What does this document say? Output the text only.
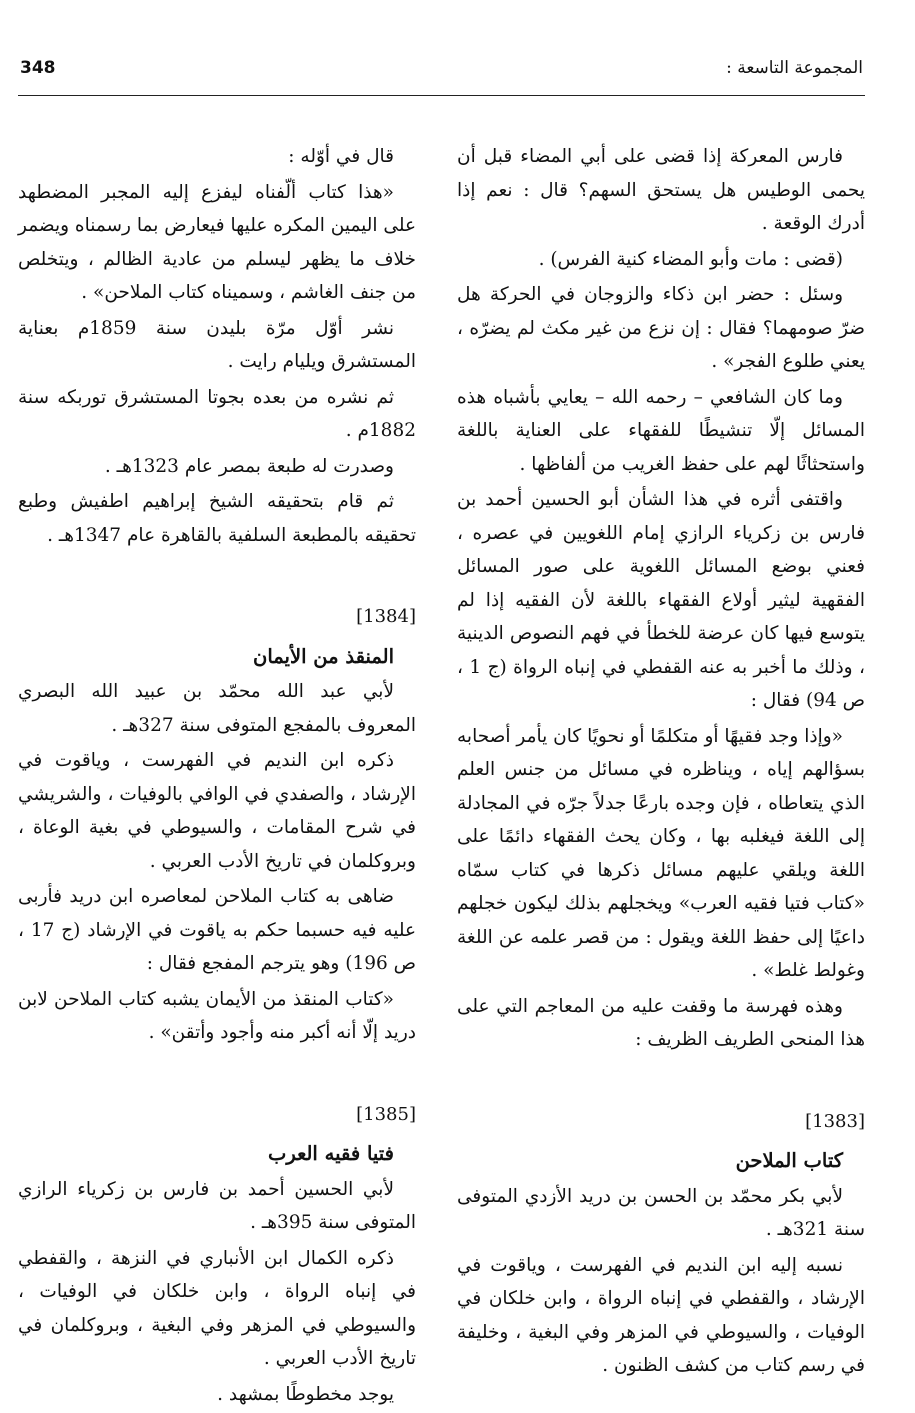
348	المجموعة التاسعة :

فارس المعركة إذا قضى على أبي المضاء قبل أن يحمى الوطيس هل يستحق السهم؟ قال : نعم إذا أدرك الوقعة .

(قضى : مات وأبو المضاء كنية الفرس) .

وسئل : حضر ابن ذكاء والزوجان في الحركة هل ضرّ صومهما؟ فقال : إن نزع من غير مكث لم يضرّه ، يعني طلوع الفجر» .

وما كان الشافعي – رحمه الله – يعايي بأشباه هذه المسائل إلّا تنشيطًا للفقهاء على العناية باللغة واستحثاثًا لهم على حفظ الغريب من ألفاظها .

واقتفى أثره في هذا الشأن أبو الحسين أحمد بن فارس بن زكرياء الرازي إمام اللغويين في عصره ، فعني بوضع المسائل اللغوية على صور المسائل الفقهية ليثير أولاع الفقهاء باللغة لأن الفقيه إذا لم يتوسع فيها كان عرضة للخطأ في فهم النصوص الدينية ، وذلك ما أخبر به عنه القفطي في إنباه الرواة (ج 1 ، ص 94) فقال :

«وإذا وجد فقيهًا أو متكلمًا أو نحويًا كان يأمر أصحابه بسؤالهم إياه ، ويناظره في مسائل من جنس العلم الذي يتعاطاه ، فإن وجده بارعًا جدلاً جرّه في المجادلة إلى اللغة فيغلبه بها ، وكان يحث الفقهاء دائمًا على اللغة ويلقي عليهم مسائل ذكرها في كتاب سمّاه «كتاب فتيا فقيه العرب» ويخجلهم بذلك ليكون خجلهم داعيًا إلى حفظ اللغة ويقول : من قصر علمه عن اللغة وغولط غلط» .

وهذه فهرسة ما وقفت عليه من المعاجم التي على هذا المنحى الطريف الظريف :

[1383]

كتاب الملاحن

لأبي بكر محمّد بن الحسن بن دريد الأزدي المتوفى سنة 321هـ .

نسبه إليه ابن النديم في الفهرست ، وياقوت في الإرشاد ، والقفطي في إنباه الرواة ، وابن خلكان في الوفيات ، والسيوطي في المزهر وفي البغية ، وخليفة في رسم كتاب من كشف الظنون .

قال في أوّله :

«هذا كتاب ألّفناه ليفزع إليه المجبر المضطهد على اليمين المكره عليها فيعارض بما رسمناه ويضمر خلاف ما يظهر ليسلم من عادية الظالم ، ويتخلص من جنف الغاشم ، وسميناه كتاب الملاحن» .

نشر أوّل مرّة بليدن سنة 1859م بعناية المستشرق ويليام رايت .

ثم نشره من بعده بجوتا المستشرق توربكه سنة 1882م .

وصدرت له طبعة بمصر عام 1323هـ .

ثم قام بتحقيقه الشيخ إبراهيم اطفيش وطبع تحقيقه بالمطبعة السلفية بالقاهرة عام 1347هـ .

[1384]

المنقذ من الأيمان

لأبي عبد الله محمّد بن عبيد الله البصري المعروف بالمفجع المتوفى سنة 327هـ .

ذكره ابن النديم في الفهرست ، وياقوت في الإرشاد ، والصفدي في الوافي بالوفيات ، والشريشي في شرح المقامات ، والسيوطي في بغية الوعاة ، وبروكلمان في تاريخ الأدب العربي .

ضاهى به كتاب الملاحن لمعاصره ابن دريد فأربى عليه فيه حسبما حكم به ياقوت في الإرشاد (ج 17 ، ص 196) وهو يترجم المفجع فقال :

«كتاب المنقذ من الأيمان يشبه كتاب الملاحن لابن دريد إلّا أنه أكبر منه وأجود وأتقن» .

[1385]

فتيا فقيه العرب

لأبي الحسين أحمد بن فارس بن زكرياء الرازي المتوفى سنة 395هـ .

ذكره الكمال ابن الأنباري في النزهة ، والقفطي في إنباه الرواة ، وابن خلكان في الوفيات ، والسيوطي في المزهر وفي البغية ، وبروكلمان في تاريخ الأدب العربي .

يوجد مخطوطًا بمشهد .
